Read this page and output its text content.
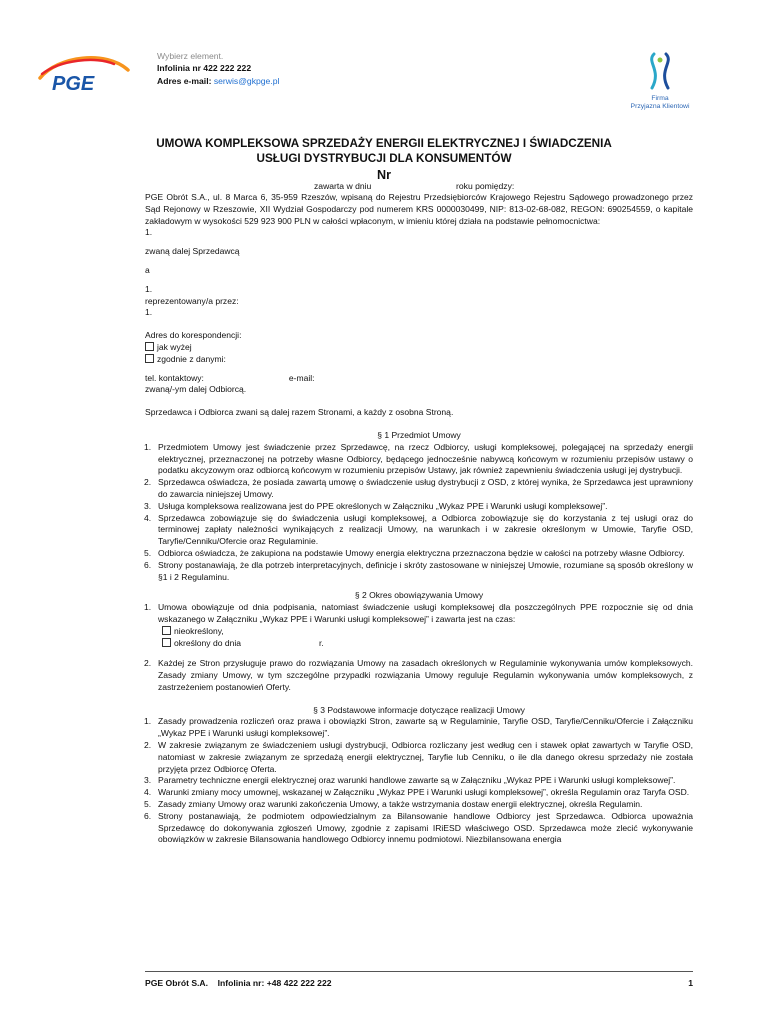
PGE
Wybierz element.
Infolinia nr 422 222 222
Adres e-mail: serwis@gkpge.pl
Firma
Przyjazna Klientowi
UMOWA KOMPLEKSOWA SPRZEDAŻY ENERGII ELEKTRYCZNEJ I ŚWIADCZENIA USŁUGI DYSTRYBUCJI DLA KONSUMENTÓW
Nr
zawarta w dniu	roku pomiędzy:

PGE Obrót S.A., ul. 8 Marca 6, 35-959 Rzeszów, wpisaną do Rejestru Przedsiębiorców Krajowego Rejestru Sądowego prowadzonego przez Sąd Rejonowy w Rzeszowie, XII Wydział Gospodarczy pod numerem KRS 0000030499, NIP: 813-02-68-082, REGON: 690254559, o kapitale zakładowym w wysokości 529 923 900 PLN w całości wpłaconym, w imieniu której działa na podstawie pełnomocnictwa:

1.

zwaną dalej Sprzedawcą

a

1.

reprezentowany/a przez:

1.

Adres do korespondencji:

jak wyżej

zgodnie z danymi:

tel. kontaktowy:	e-mail:

zwaną/-ym dalej Odbiorcą.

Sprzedawca i Odbiorca zwani są dalej razem Stronami, a każdy z osobna Stroną.

§ 1 Przedmiot Umowy

1. Przedmiotem Umowy jest świadczenie przez Sprzedawcę, na rzecz Odbiorcy, usługi kompleksowej, polegającej na sprzedaży energii elektrycznej, przeznaczonej na potrzeby własne Odbiorcy, będącego jednocześnie nabywcą końcowym w rozumieniu przepisów ustawy o podatku akcyzowym oraz odbiorcą końcowym w rozumieniu przepisów Ustawy, jak również zapewnieniu świadczenia usługi jej dystrybucji.
2. Sprzedawca oświadcza, że posiada zawartą umowę o świadczenie usług dystrybucji z OSD, z której wynika, że Sprzedawca jest uprawniony do zawarcia niniejszej Umowy.
3. Usługa kompleksowa realizowana jest do PPE określonych w Załączniku „Wykaz PPE i Warunki usługi kompleksowej”.
4. Sprzedawca zobowiązuje się do świadczenia usługi kompleksowej, a Odbiorca zobowiązuje się do korzystania z tej usługi oraz do terminowej zapłaty należności wynikających z realizacji Umowy, na warunkach i w zakresie określonym w Umowie, Taryfie OSD, Taryfie/Cenniku/Ofercie oraz Regulaminie.
5. Odbiorca oświadcza, że zakupiona na podstawie Umowy energia elektryczna przeznaczona będzie w całości na potrzeby własne Odbiorcy.
6. Strony postanawiają, że dla potrzeb interpretacyjnych, definicje i skróty zastosowane w niniejszej Umowie, rozumiane są sposób określony w §1 i 2 Regulaminu.

§ 2 Okres obowiązywania Umowy

1. Umowa obowiązuje od dnia podpisania, natomiast świadczenie usługi kompleksowej dla poszczególnych PPE rozpocznie się od dnia wskazanego w Załączniku „Wykaz PPE i Warunki usługi kompleksowej” i zawarta jest na czas:
nieokreślony,
określony do dnia	r.
2. Każdej ze Stron przysługuje prawo do rozwiązania Umowy na zasadach określonych w Regulaminie wykonywania umów kompleksowych. Zasady zmiany Umowy, w tym szczególne przypadki rozwiązania Umowy reguluje Regulamin wykonywania umów kompleksowych, z zastrzeżeniem postanowień Oferty.

§ 3 Podstawowe informacje dotyczące realizacji Umowy

1. Zasady prowadzenia rozliczeń oraz prawa i obowiązki Stron, zawarte są w Regulaminie, Taryfie OSD, Taryfie/Cenniku/Ofercie i Załączniku „Wykaz PPE i Warunki usługi kompleksowej”.
2. W zakresie związanym ze świadczeniem usługi dystrybucji, Odbiorca rozliczany jest według cen i stawek opłat zawartych w Taryfie OSD, natomiast w zakresie związanym ze sprzedażą energii elektrycznej, Taryfie lub Cenniku, o ile dla danego okresu sprzedaży nie została przyjęta przez Odbiorcę Oferta.
3. Parametry techniczne energii elektrycznej oraz warunki handlowe zawarte są w Załączniku „Wykaz PPE i Warunki usługi kompleksowej”.
4. Warunki zmiany mocy umownej, wskazanej w Załączniku „Wykaz PPE i Warunki usługi kompleksowej”, określa Regulamin oraz Taryfa OSD.
5. Zasady zmiany Umowy oraz warunki zakończenia Umowy, a także wstrzymania dostaw energii elektrycznej, określa Regulamin.
6. Strony postanawiają, że podmiotem odpowiedzialnym za Bilansowanie handlowe Odbiorcy jest Sprzedawca. Odbiorca upoważnia Sprzedawcę do dokonywania zgłoszeń Umowy, zgodnie z zapisami IRiESD właściwego OSD. Sprzedawca może zlecić wykonywanie obowiązków w zakresie Bilansowania handlowego Odbiorcy innemu podmiotowi. Niezbilansowana energia
PGE Obrót S.A.    Infolinia nr: +48 422 222 222	1
